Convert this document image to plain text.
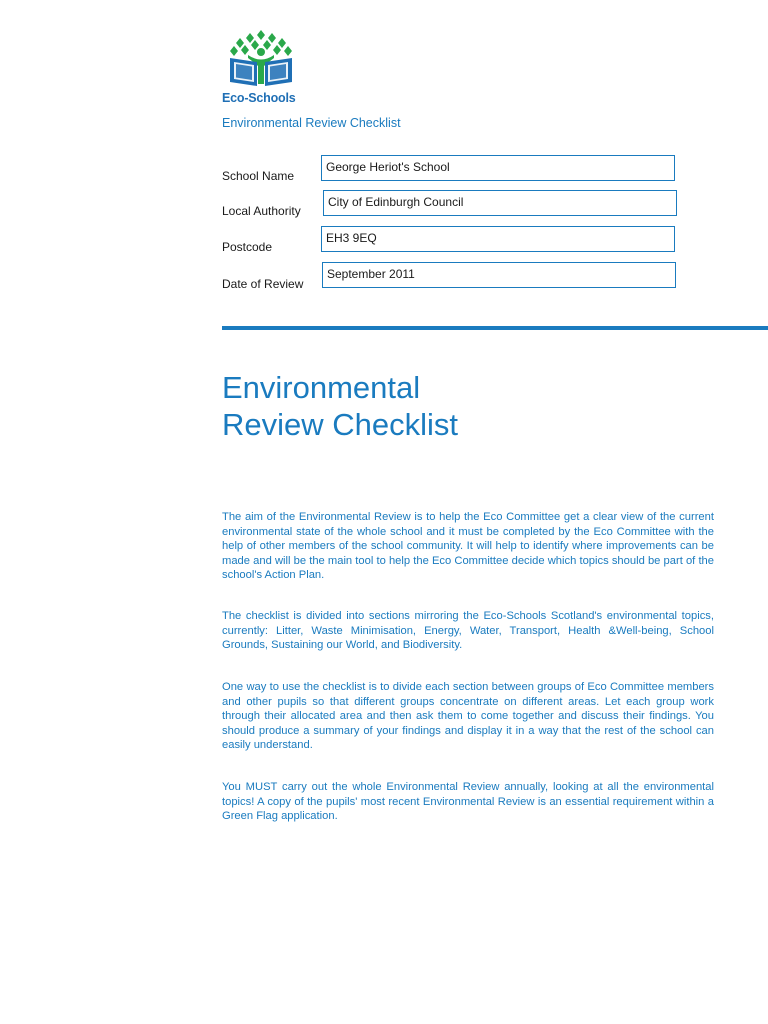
Eco-Schools
Environmental Review Checklist
School Name
George Heriot's School
Local Authority
City of Edinburgh Council
Postcode
EH3 9EQ
Date of Review
September 2011
Environmental
Review Checklist

The aim of the Environmental Review is to help the Eco Committee get a clear view of the current environmental state of the whole school and it must be completed by the Eco Committee with the help of other members of the school community. It will help to identify where improvements can be made and will be the main tool to help the Eco Committee decide which topics should be part of the school's Action Plan.

The checklist is divided into sections mirroring the Eco-Schools Scotland's environmental topics, currently: Litter, Waste Minimisation, Energy, Water, Transport, Health &Well-being, School Grounds, Sustaining our World, and Biodiversity.

One way to use the checklist is to divide each section between groups of Eco Committee members and other pupils so that different groups concentrate on different areas. Let each group work through their allocated area and then ask them to come together and discuss their findings. You should produce a summary of your findings and display it in a way that the rest of the school can easily understand.

You MUST carry out the whole Environmental Review annually, looking at all the environmental topics! A copy of the pupils' most recent Environmental Review is an essential requirement within a Green Flag application.
